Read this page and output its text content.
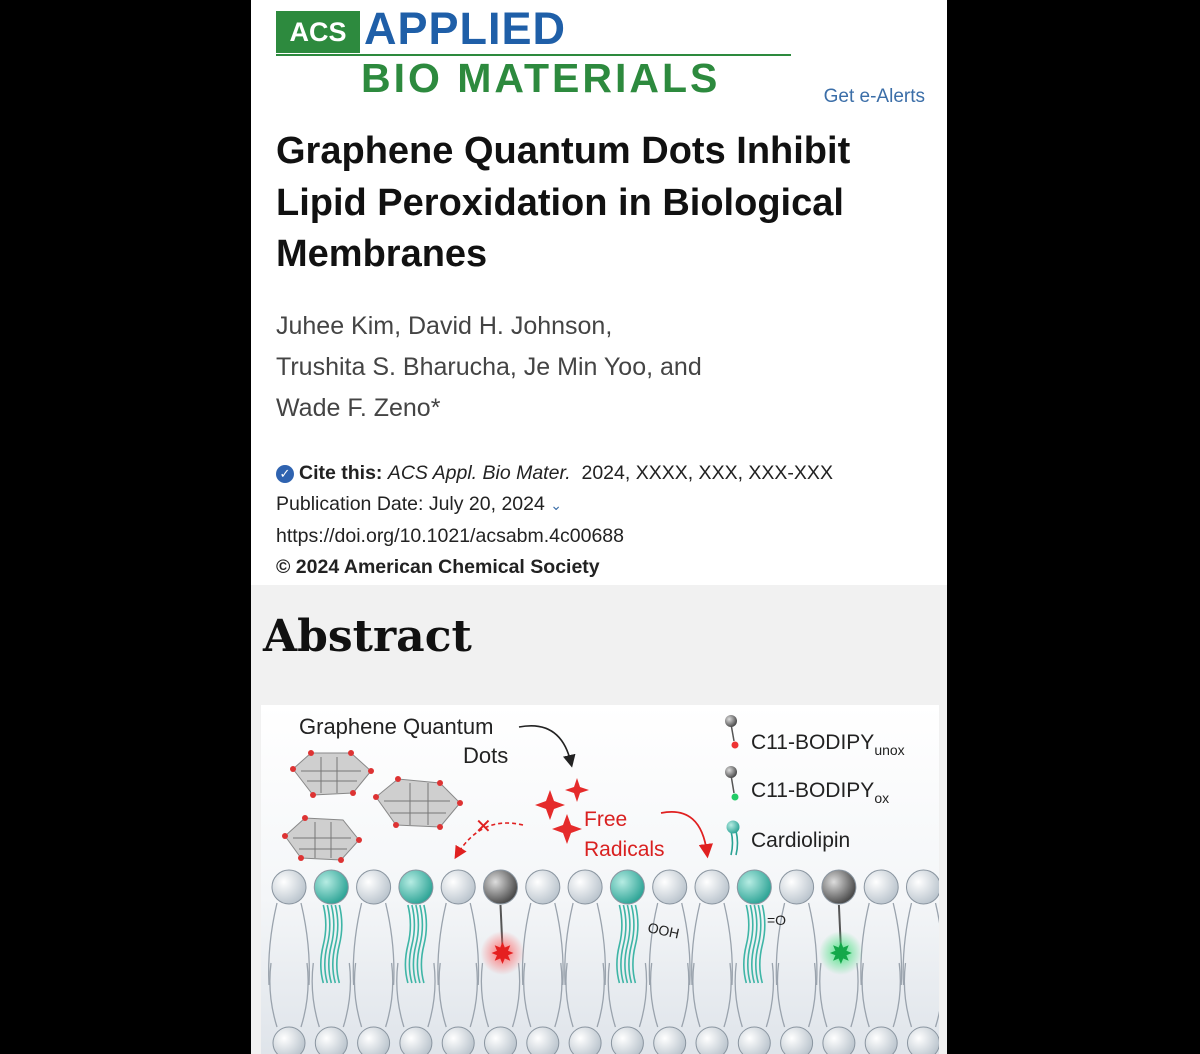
ACS APPLIED
BIO MATERIALS	Get e-Alerts
Graphene Quantum Dots Inhibit Lipid Peroxidation in Biological Membranes
Juhee Kim, David H. Johnson,
Trushita S. Bharucha, Je Min Yoo, and
Wade F. Zeno*
✓ Cite this: ACS Appl. Bio Mater. 2024, XXXX, XXX, XXX-XXX
Publication Date: July 20, 2024 ⌄
https://doi.org/10.1021/acsabm.4c00688
© 2024 American Chemical Society
Abstract
Graphene Quantum
Dots
✕	Free
Radicals
$C11-BODIPY_{unox}$
$C11-BODIPY_{ox}$
Cardiolipin
OOH	=O
